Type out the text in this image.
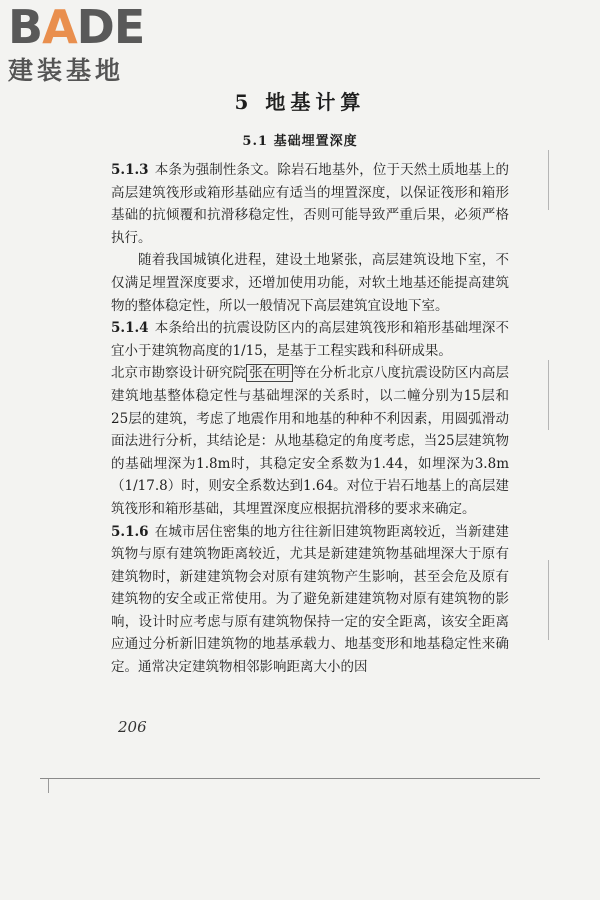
BADE
建装基地
5 地基计算
5.1 基础埋置深度

5.1.3 本条为强制性条文。除岩石地基外，位于天然土质地基上的高层建筑筏形或箱形基础应有适当的埋置深度，以保证筏形和箱形基础的抗倾覆和抗滑移稳定性，否则可能导致严重后果，必须严格执行。

随着我国城镇化进程，建设土地紧张，高层建筑设地下室，不仅满足埋置深度要求，还增加使用功能，对软土地基还能提高建筑物的整体稳定性，所以一般情况下高层建筑宜设地下室。

5.1.4 本条给出的抗震设防区内的高层建筑筏形和箱形基础埋深不宜小于建筑物高度的1/15，是基于工程实践和科研成果。

北京市勘察设计研究院 张在明 等在分析北京八度抗震设防区内高层建筑地基整体稳定性与基础埋深的关系时，以二幢分别为15层和25层的建筑，考虑了地震作用和地基的种种不利因素，用圆弧滑动面法进行分析，其结论是：从地基稳定的角度考虑，当25层建筑物的基础埋深为1.8m时，其稳定安全系数为1.44，如埋深为3.8m（1/17.8）时，则安全系数达到1.64。对位于岩石地基上的高层建筑筏形和箱形基础，其埋置深度应根据抗滑移的要求来确定。

5.1.6 在城市居住密集的地方往往新旧建筑物距离较近，当新建建筑物与原有建筑物距离较近，尤其是新建建筑物基础埋深大于原有建筑物时，新建建筑物会对原有建筑物产生影响，甚至会危及原有建筑物的安全或正常使用。为了避免新建建筑物对原有建筑物的影响，设计时应考虑与原有建筑物保持一定的安全距离，该安全距离应通过分析新旧建筑物的地基承载力、地基变形和地基稳定性来确定。通常决定建筑物相邻影响距离大小的因

206
